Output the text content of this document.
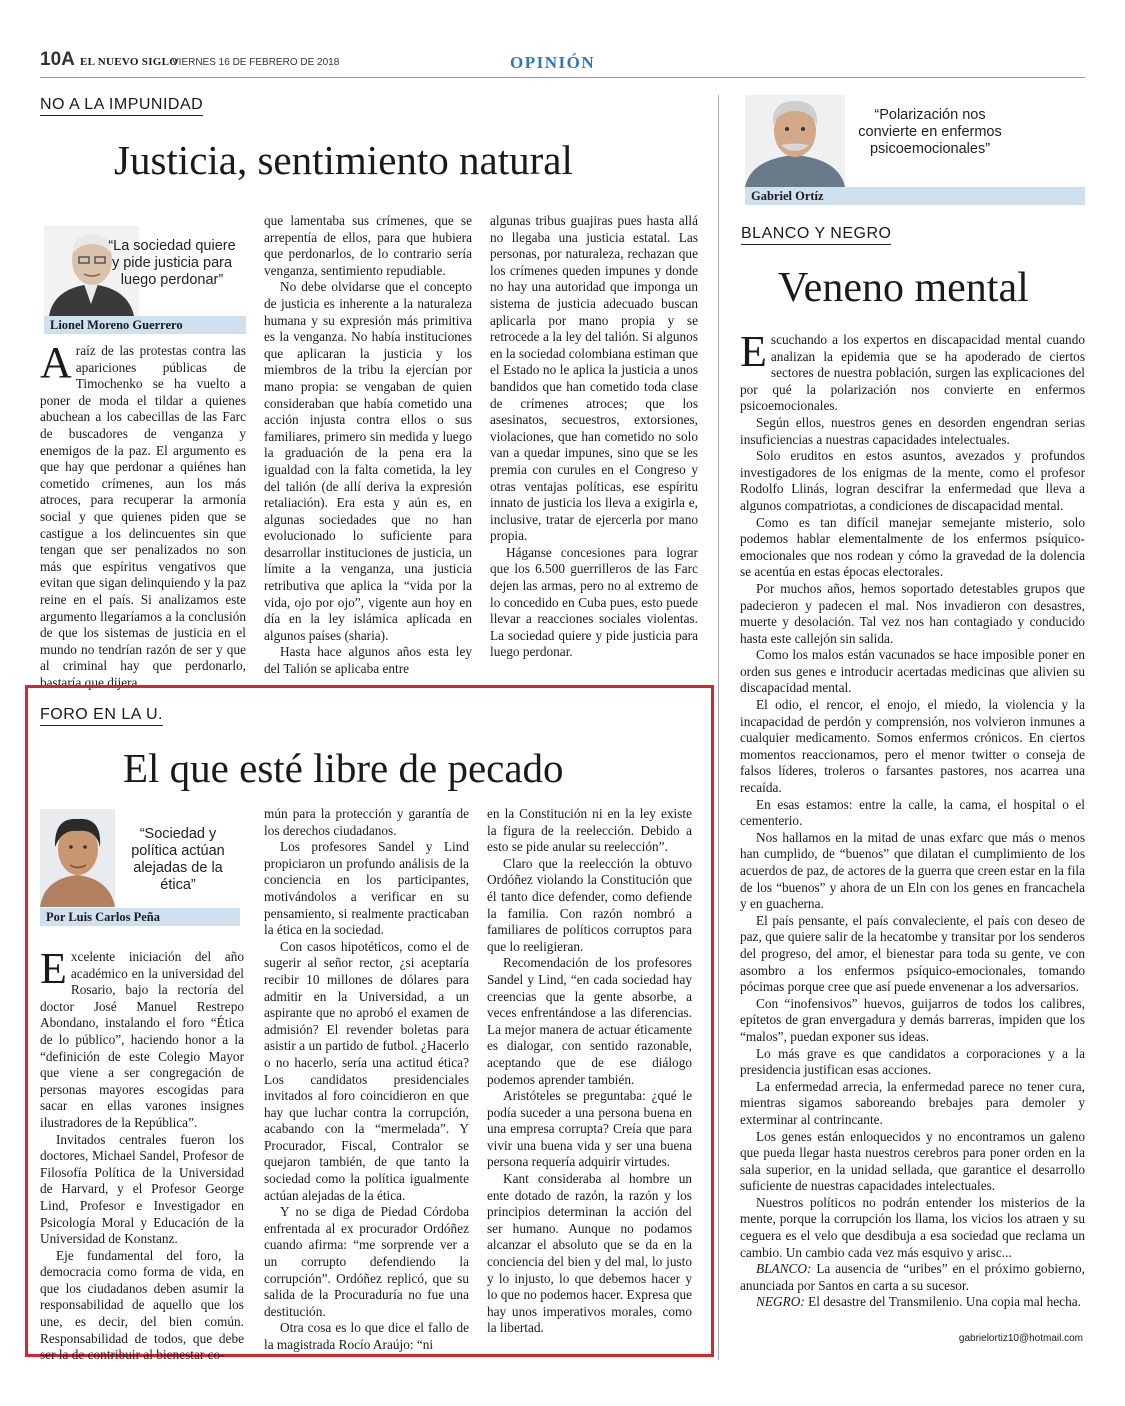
10A EL NUEVO SIGLO
VIERNES 16 DE FEBRERO DE 2018	OPINIÓN
NO A LA IMPUNIDAD
Justicia, sentimiento natural
“La sociedad quiere y pide justicia para luego perdonar”
Lionel Moreno Guerrero

Araíz de las protestas contra las apariciones públicas de Timochenko se ha vuelto a poner de moda el tildar a quienes abuchean a los cabecillas de las Farc de buscadores de venganza y enemigos de la paz. El argumento es que hay que perdonar a quiénes han cometido crímenes, aun los más atroces, para recuperar la armonía social y que quienes piden que se castigue a los delincuentes sin que tengan que ser penalizados no son más que espíritus vengativos que evitan que sigan delinquiendo y la paz reine en el país. Si analizamos este argumento llegaríamos a la conclusión de que los sistemas de justicia en el mundo no tendrían razón de ser y que al criminal hay que perdonarlo, bastaría que dijera

que lamentaba sus crímenes, que se arrepentía de ellos, para que hubiera que perdonarlos, de lo contrario sería venganza, sentimiento repudiable.

No debe olvidarse que el concepto de justicia es inherente a la naturaleza humana y su expresión más primitiva es la venganza. No había instituciones que aplicaran la justicia y los miembros de la tribu la ejercían por mano propia: se vengaban de quien consideraban que había cometido una acción injusta contra ellos o sus familiares, primero sin medida y luego la graduación de la pena era la igualdad con la falta cometida, la ley del talión (de allí deriva la expresión retaliación). Era esta y aún es, en algunas sociedades que no han evolucionado lo suficiente para desarrollar instituciones de justicia, un límite a la venganza, una justicia retributiva que aplica la “vida por la vida, ojo por ojo”, vigente aun hoy en día en la ley islámica aplicada en algunos países (sharia).

Hasta hace algunos años esta ley del Talión se aplicaba entre

algunas tribus guajiras pues hasta allá no llegaba una justicia estatal. Las personas, por naturaleza, rechazan que los crímenes queden impunes y donde no hay una autoridad que imponga un sistema de justicia adecuado buscan aplicarla por mano propia y se retrocede a la ley del talión. Si algunos en la sociedad colombiana estiman que el Estado no le aplica la justicia a unos bandidos que han cometido toda clase de crímenes atroces; que los asesinatos, secuestros, extorsiones, violaciones, que han cometido no solo van a quedar impunes, sino que se les premia con curules en el Congreso y otras ventajas políticas, ese espíritu innato de justicia los lleva a exigirla e, inclusive, tratar de ejercerla por mano propia.

Háganse concesiones para lograr que los 6.500 guerrilleros de las Farc dejen las armas, pero no al extremo de lo concedido en Cuba pues, esto puede llevar a reacciones sociales violentas. La sociedad quiere y pide justicia para luego perdonar.

FORO EN LA U.
El que esté libre de pecado
“Sociedad y política actúan alejadas de la ética”
Por Luis Carlos Peña

Excelente iniciación del año académico en la universidad del Rosario, bajo la rectoría del doctor José Manuel Restrepo Abondano, instalando el foro “Ética de lo público”, haciendo honor a la “definición de este Colegio Mayor que viene a ser congregación de personas mayores escogidas para sacar en ellas varones insignes ilustradores de la República”.

Invitados centrales fueron los doctores, Michael Sandel, Profesor de Filosofía Política de la Universidad de Harvard, y el Profesor George Lind, Profesor e Investigador en Psicología Moral y Educación de la Universidad de Konstanz.

Eje fundamental del foro, la democracia como forma de vida, en que los ciudadanos deben asumir la responsabilidad de aquello que los une, es decir, del bien común. Responsabilidad de todos, que debe ser la de contribuir al bienestar co-

mún para la protección y garantía de los derechos ciudadanos.

Los profesores Sandel y Lind propiciaron un profundo análisis de la conciencia en los participantes, motivándolos a verificar en su pensamiento, si realmente practicaban la ética en la sociedad.

Con casos hipotéticos, como el de sugerir al señor rector, ¿si aceptaría recibir 10 millones de dólares para admitir en la Universidad, a un aspirante que no aprobó el examen de admisión? El revender boletas para asistir a un partido de futbol. ¿Hacerlo o no hacerlo, sería una actitud ética? Los candidatos presidenciales invitados al foro coincidieron en que hay que luchar contra la corrupción, acabando con la “mermelada”. Y Procurador, Fiscal, Contralor se quejaron también, de que tanto la sociedad como la política igualmente actúan alejadas de la ética.

Y no se diga de Piedad Córdoba enfrentada al ex procurador Ordóñez cuando afirma: “me sorprende ver a un corrupto defendiendo la corrupción”. Ordóñez replicó, que su salida de la Procuraduría no fue una destitución.

Otra cosa es lo que dice el fallo de la magistrada Rocío Araújo: “ni

en la Constitución ni en la ley existe la figura de la reelección. Debido a esto se pide anular su reelección”.

Claro que la reelección la obtuvo Ordóñez violando la Constitución que él tanto dice defender, como defiende la familia. Con razón nombró a familiares de políticos corruptos para que lo reeligieran.

Recomendación de los profesores Sandel y Lind, “en cada sociedad hay creencias que la gente absorbe, a veces enfrentándose a las diferencias. La mejor manera de actuar éticamente es dialogar, con sentido razonable, aceptando que de ese diálogo podemos aprender también.

Aristóteles se preguntaba: ¿qué le podía suceder a una persona buena en una empresa corrupta? Creía que para vivir una buena vida y ser una buena persona requería adquirir virtudes.

Kant consideraba al hombre un ente dotado de razón, la razón y los principios determinan la acción del ser humano. Aunque no podamos alcanzar el absoluto que se da en la conciencia del bien y del mal, lo justo y lo injusto, lo que debemos hacer y lo que no podemos hacer. Expresa que hay unos imperativos morales, como la libertad.

“Polarización nos convierte en enfermos psicoemocionales”
Gabriel Ortíz
BLANCO Y NEGRO
Veneno mental

Escuchando a los expertos en discapacidad mental cuando analizan la epidemia que se ha apoderado de ciertos sectores de nuestra población, surgen las explicaciones del por qué la polarización nos convierte en enfermos psicoemocionales.

Según ellos, nuestros genes en desorden engendran serias insuficiencias a nuestras capacidades intelectuales.

Solo eruditos en estos asuntos, avezados y profundos investigadores de los enigmas de la mente, como el profesor Rodolfo Llinás, logran descifrar la enfermedad que lleva a algunos compatriotas, a condiciones de discapacidad mental.

Como es tan difícil manejar semejante misterio, solo podemos hablar elementalmente de los enfermos psíquico-emocionales que nos rodean y cómo la gravedad de la dolencia se acentúa en estas épocas electorales.

Por muchos años, hemos soportado detestables grupos que padecieron y padecen el mal. Nos invadieron con desastres, muerte y desolación. Tal vez nos han contagiado y conducido hasta este callejón sin salida.

Como los malos están vacunados se hace imposible poner en orden sus genes e introducir acertadas medicinas que alivien su discapacidad mental.

El odio, el rencor, el enojo, el miedo, la violencia y la incapacidad de perdón y comprensión, nos volvieron inmunes a cualquier medicamento. Somos enfermos crónicos. En ciertos momentos reaccionamos, pero el menor twitter o conseja de falsos líderes, troleros o farsantes pastores, nos acarrea una recaída.

En esas estamos: entre la calle, la cama, el hospital o el cementerio.

Nos hallamos en la mitad de unas exfarc que más o menos han cumplido, de “buenos” que dilatan el cumplimiento de los acuerdos de paz, de actores de la guerra que creen estar en la fila de los “buenos” y ahora de un Eln con los genes en francachela y en guacherna.

El país pensante, el país convaleciente, el país con deseo de paz, que quiere salir de la hecatombe y transitar por los senderos del progreso, del amor, el bienestar para toda su gente, ve con asombro a los enfermos psíquico-emocionales, tomando pócimas porque cree que así puede envenenar a los adversarios.

Con “inofensivos” huevos, guijarros de todos los calibres, epítetos de gran envergadura y demás barreras, impiden que los “malos”, puedan exponer sus ideas.

Lo más grave es que candidatos a corporaciones y a la presidencia justifican esas acciones.

La enfermedad arrecia, la enfermedad parece no tener cura, mientras sigamos saboreando brebajes para demoler y exterminar al contrincante.

Los genes están enloquecidos y no encontramos un galeno que pueda llegar hasta nuestros cerebros para poner orden en la sala superior, en la unidad sellada, que garantice el desarrollo suficiente de nuestras capacidades intelectuales.

Nuestros políticos no podrán entender los misterios de la mente, porque la corrupción los llama, los vicios los atraen y su ceguera es el velo que desdibuja a esa sociedad que reclama un cambio. Un cambio cada vez más esquivo y arisc...

BLANCO: La ausencia de “uribes” en el próximo gobierno, anunciada por Santos en carta a su sucesor.

NEGRO: El desastre del Transmilenio. Una copia mal hecha.

gabrielortiz10@hotmail.com
